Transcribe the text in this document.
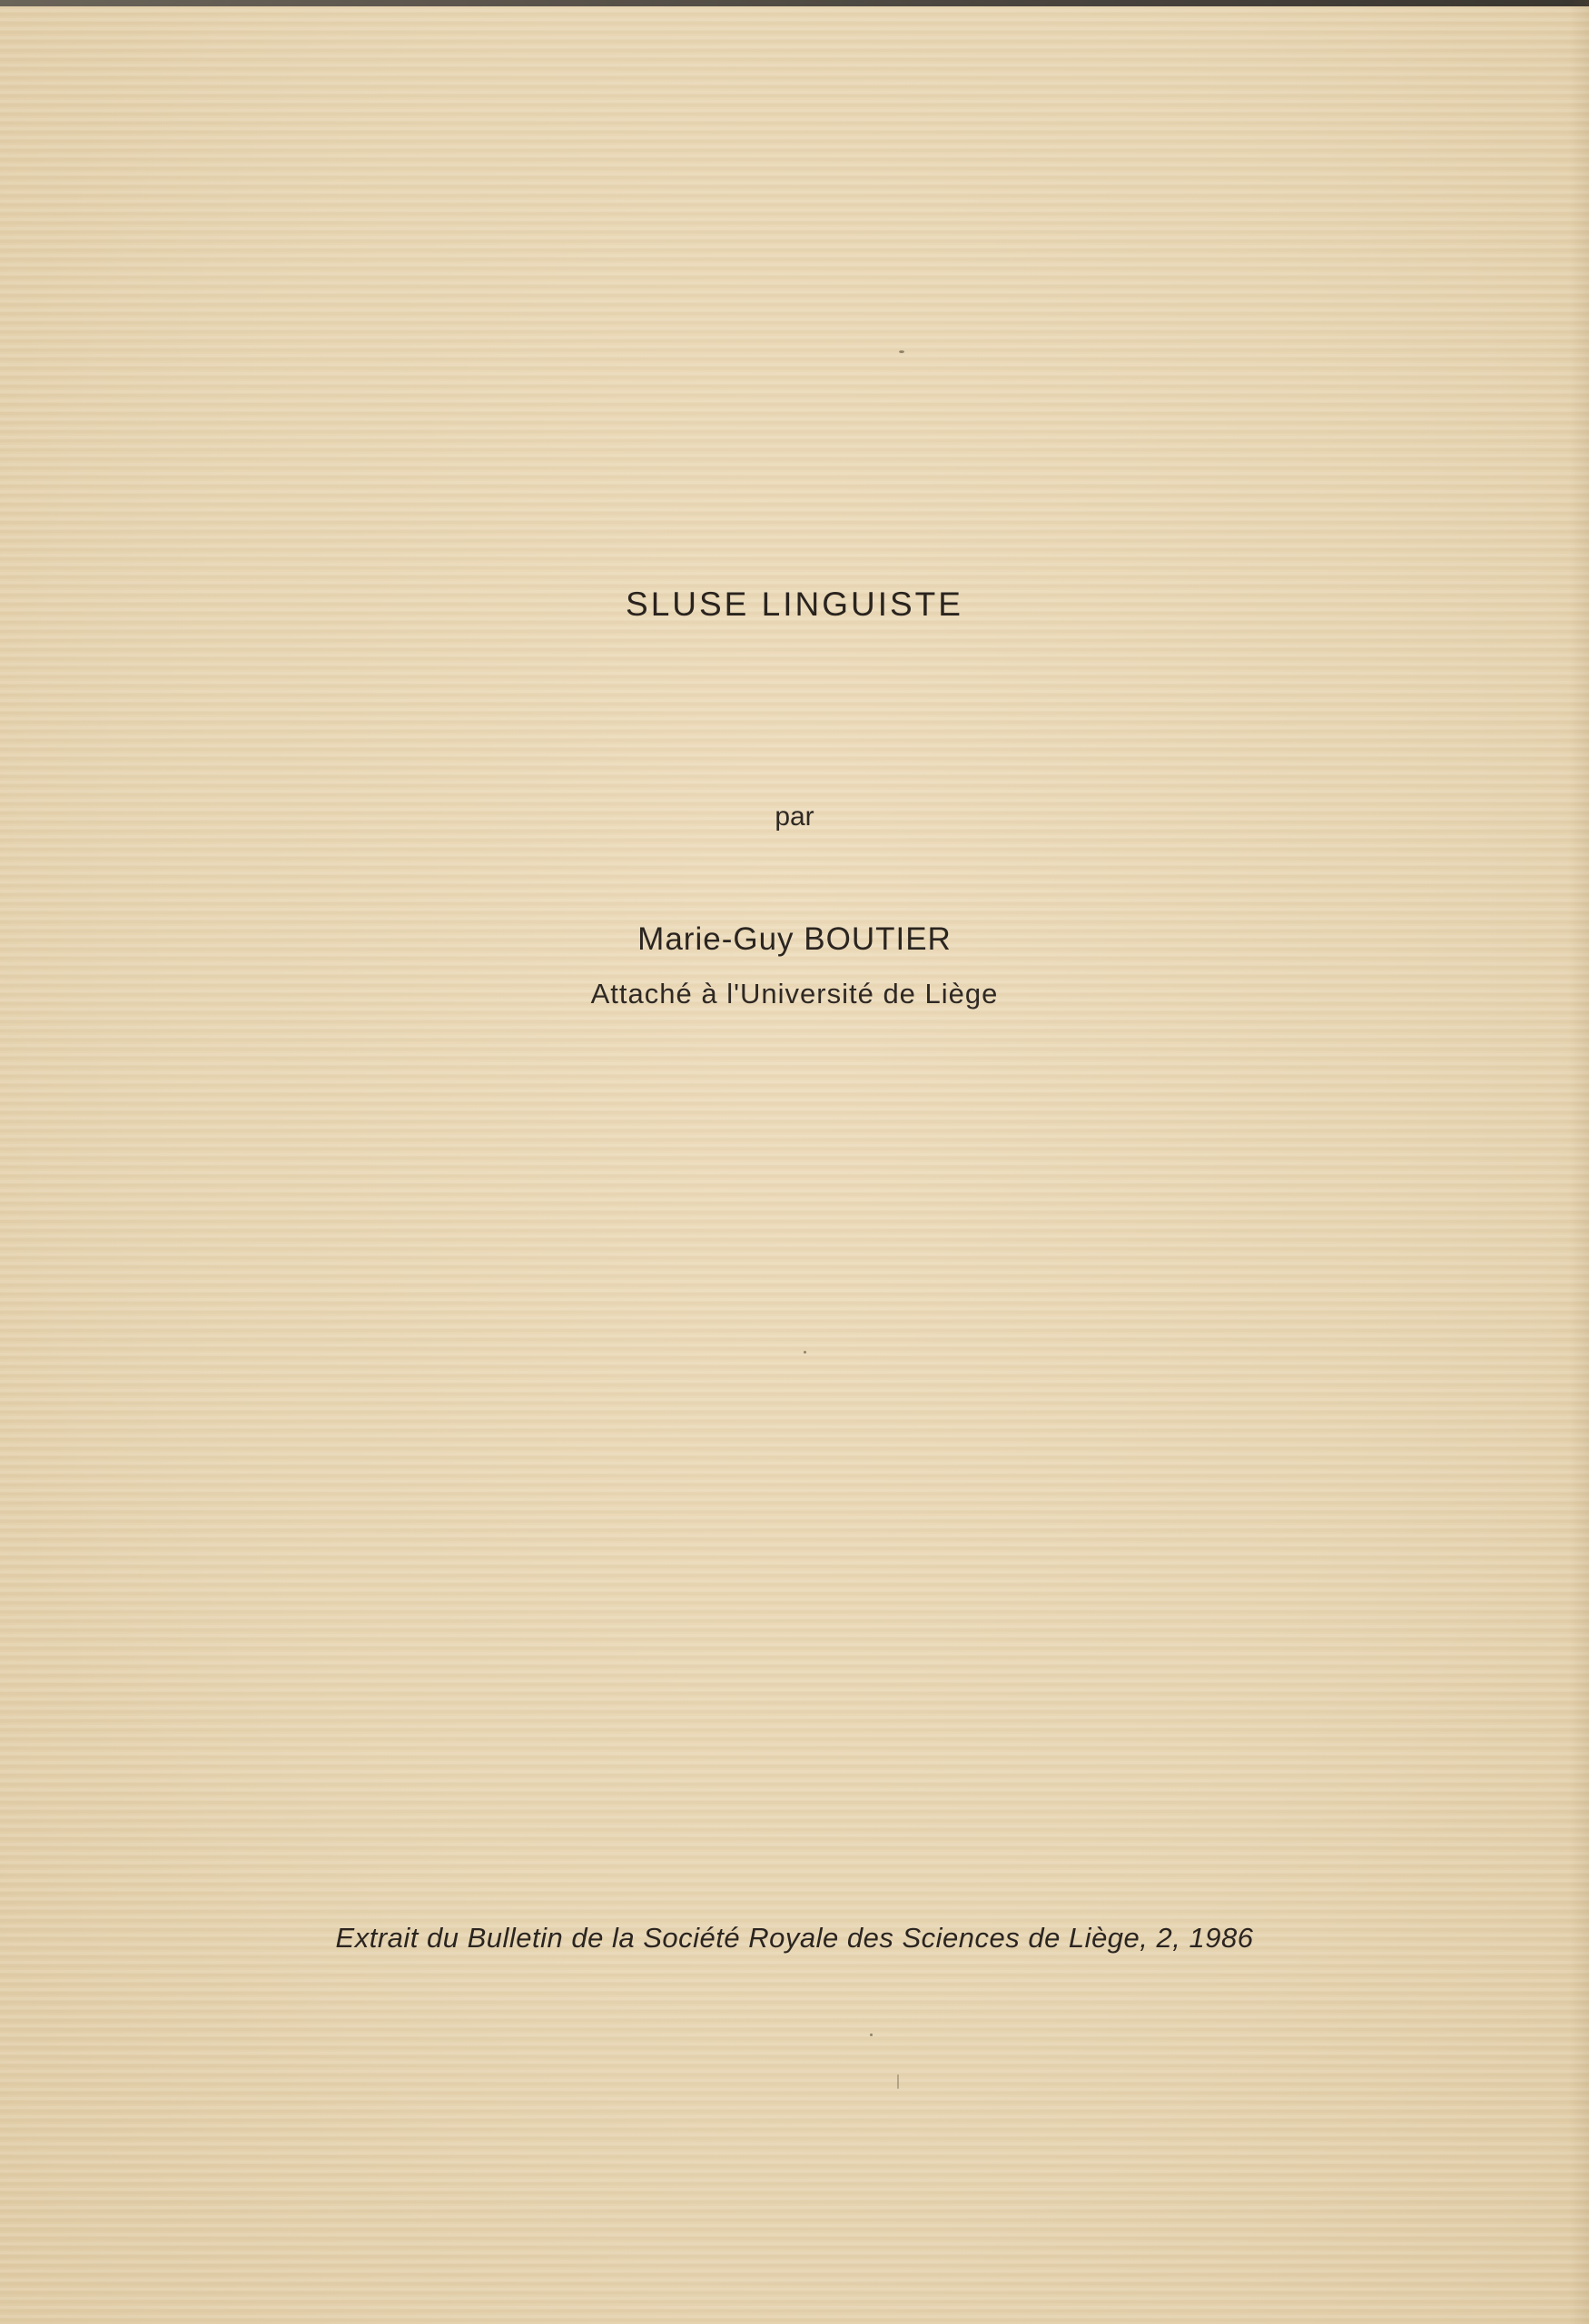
SLUSE LINGUISTE
par
Marie-Guy BOUTIER
Attaché à l'Université de Liège
Extrait du Bulletin de la Société Royale des Sciences de Liège, 2, 1986
